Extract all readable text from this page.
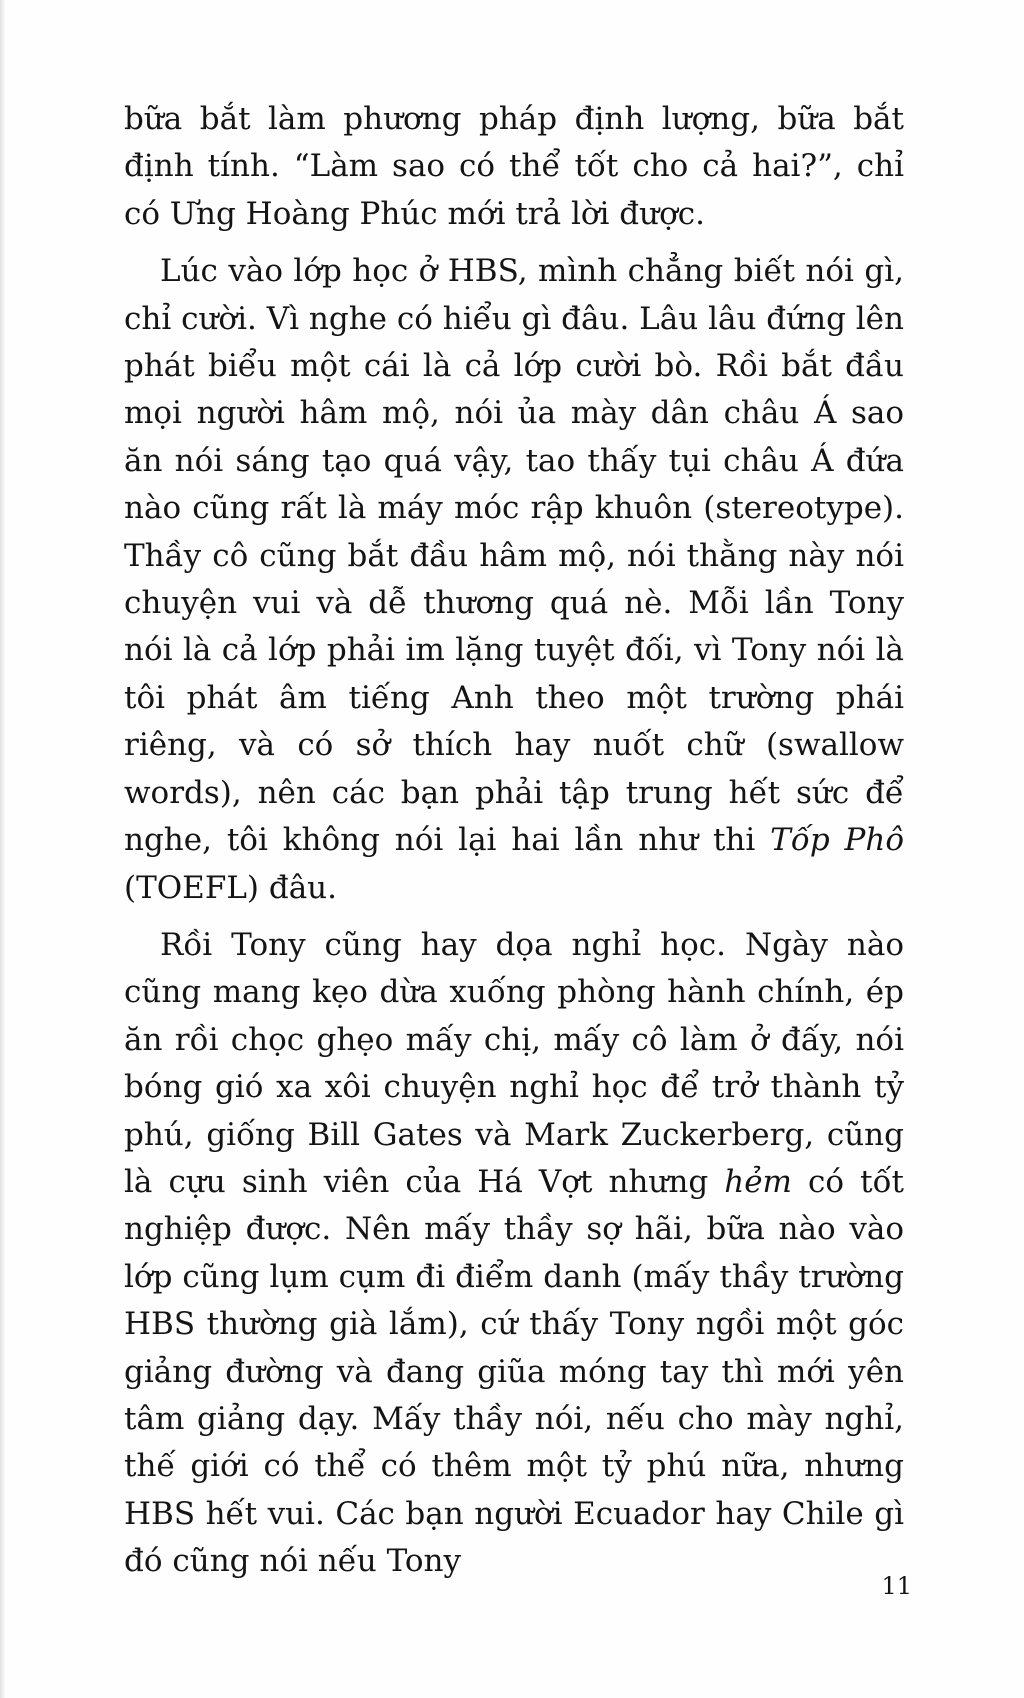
bữa bắt làm phương pháp định lượng, bữa bắt định tính. “Làm sao có thể tốt cho cả hai?”, chỉ có Ưng Hoàng Phúc mới trả lời được.

Lúc vào lớp học ở HBS, mình chẳng biết nói gì, chỉ cười. Vì nghe có hiểu gì đâu. Lâu lâu đứng lên phát biểu một cái là cả lớp cười bò. Rồi bắt đầu mọi người hâm mộ, nói ủa mày dân châu Á sao ăn nói sáng tạo quá vậy, tao thấy tụi châu Á đứa nào cũng rất là máy móc rập khuôn (stereotype). Thầy cô cũng bắt đầu hâm mộ, nói thằng này nói chuyện vui và dễ thương quá nè. Mỗi lần Tony nói là cả lớp phải im lặng tuyệt đối, vì Tony nói là tôi phát âm tiếng Anh theo một trường phái riêng, và có sở thích hay nuốt chữ (swallow words), nên các bạn phải tập trung hết sức để nghe, tôi không nói lại hai lần như thi Tốp Phô (TOEFL) đâu.

Rồi Tony cũng hay dọa nghỉ học. Ngày nào cũng mang kẹo dừa xuống phòng hành chính, ép ăn rồi chọc ghẹo mấy chị, mấy cô làm ở đấy, nói bóng gió xa xôi chuyện nghỉ học để trở thành tỷ phú, giống Bill Gates và Mark Zuckerberg, cũng là cựu sinh viên của Há Vợt nhưng hẻm có tốt nghiệp được. Nên mấy thầy sợ hãi, bữa nào vào lớp cũng lụm cụm đi điểm danh (mấy thầy trường HBS thường già lắm), cứ thấy Tony ngồi một góc giảng đường và đang giũa móng tay thì mới yên tâm giảng dạy. Mấy thầy nói, nếu cho mày nghỉ, thế giới có thể có thêm một tỷ phú nữa, nhưng HBS hết vui. Các bạn người Ecuador hay Chile gì đó cũng nói nếu Tony

11
